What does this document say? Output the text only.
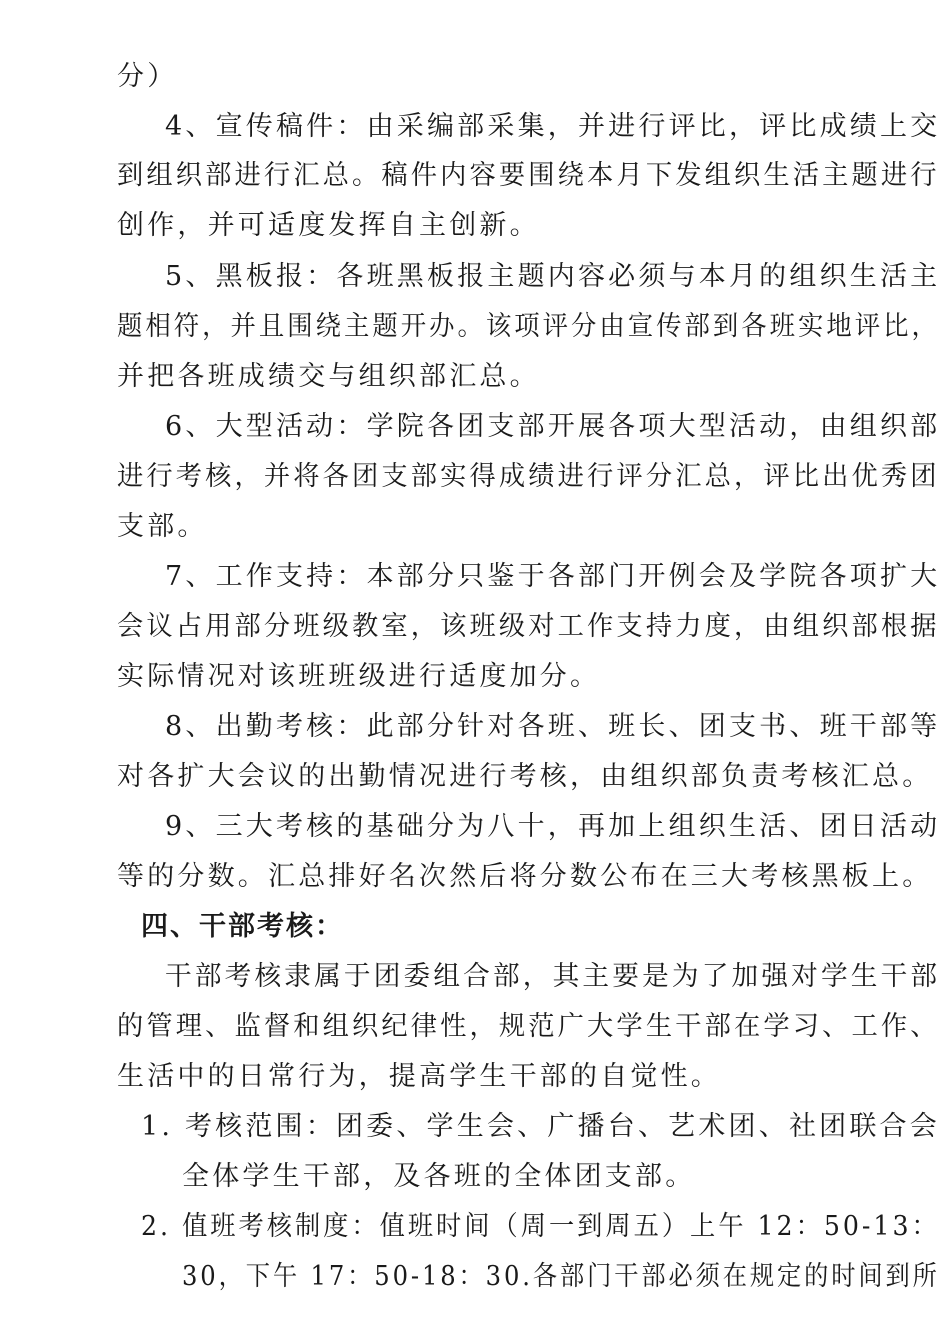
分）
4、宣传稿件：由采编部采集，并进行评比，评比成绩上交
到组织部进行汇总。稿件内容要围绕本月下发组织生活主题进行
创作，并可适度发挥自主创新。
5、黑板报：各班黑板报主题内容必须与本月的组织生活主
题相符，并且围绕主题开办。该项评分由宣传部到各班实地评比，
并把各班成绩交与组织部汇总。
6、大型活动：学院各团支部开展各项大型活动，由组织部
进行考核，并将各团支部实得成绩进行评分汇总，评比出优秀团
支部。
7、工作支持：本部分只鉴于各部门开例会及学院各项扩大
会议占用部分班级教室，该班级对工作支持力度，由组织部根据
实际情况对该班班级进行适度加分。
8、出勤考核：此部分针对各班、班长、团支书、班干部等
对各扩大会议的出勤情况进行考核，由组织部负责考核汇总。
9、三大考核的基础分为八十，再加上组织生活、团日活动
等的分数。汇总排好名次然后将分数公布在三大考核黑板上。
四、干部考核：
干部考核隶属于团委组合部，其主要是为了加强对学生干部
的管理、监督和组织纪律性，规范广大学生干部在学习、工作、
生活中的日常行为，提高学生干部的自觉性。
1. 考核范围：团委、学生会、广播台、艺术团、社团联合会
全体学生干部，及各班的全体团支部。
2. 值班考核制度：值班时间（周一到周五）上午 12：50-13：
30，下午 17：50-18：30.各部门干部必须在规定的时间到所
